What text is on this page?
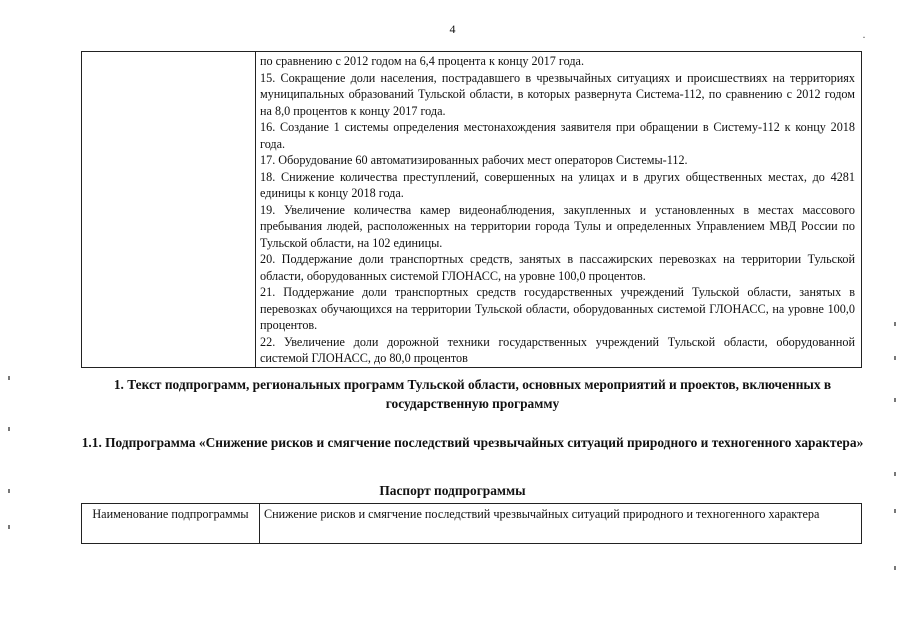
4
·

по сравнению с 2012 годом на 6,4 процента к концу 2017 года.

15. Сокращение доли населения, пострадавшего в чрезвычайных ситуациях и происшествиях на территориях муниципальных образований Тульской области, в которых развернута Система-112, по сравнению с 2012 годом на 8,0 процентов к концу 2017 года.

16. Создание 1 системы определения местонахождения заявителя при обращении в Систему-112 к концу 2018 года.

17. Оборудование 60 автоматизированных рабочих мест операторов Системы-112.

18. Снижение количества преступлений, совершенных на улицах и в других общественных местах, до 4281 единицы к концу 2018 года.

19. Увеличение количества камер видеонаблюдения, закупленных и установленных в местах массового пребывания людей, расположенных на территории города Тулы и определенных Управлением МВД России по Тульской области, на 102 единицы.

20. Поддержание доли транспортных средств, занятых в пассажирских перевозках на территории Тульской области, оборудованных системой ГЛОНАСС, на уровне 100,0 процентов.

21. Поддержание доли транспортных средств государственных учреждений Тульской области, занятых в перевозках обучающихся на территории Тульской области, оборудованных системой ГЛОНАСС, на уровне 100,0 процентов.

22. Увеличение доли дорожной техники государственных учреждений Тульской области, оборудованной системой ГЛОНАСС, до 80,0 процентов

1. Текст подпрограмм, региональных программ Тульской области, основных мероприятий и проектов, включенных в государственную программу
1.1. Подпрограмма «Снижение рисков и смягчение последствий чрезвычайных ситуаций природного и техногенного характера»
Паспорт подпрограммы
Наименование подпрограммы	Снижение рисков и смягчение последствий чрезвычайных ситуаций природного и техногенного характера
